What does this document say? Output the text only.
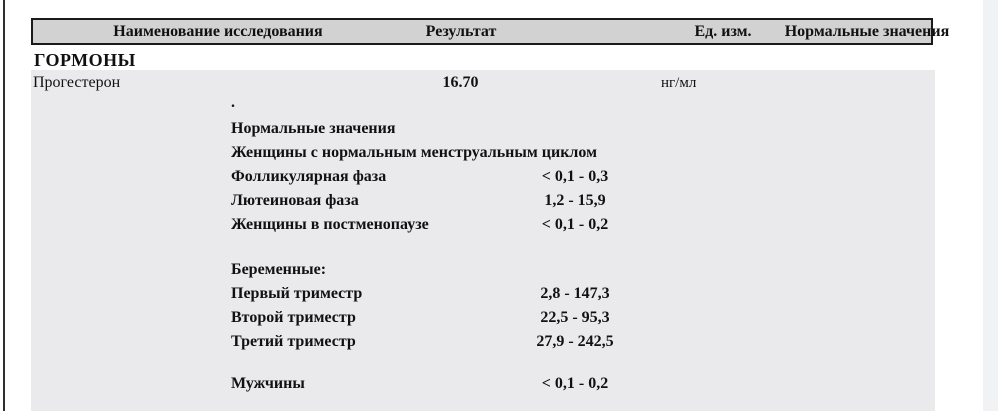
Наименование исследования	Результат	Ед. изм.	Нормальные значения
ГОРМОНЫ
Прогестерон	16.70	нг/мл
.
Нормальные значения
Женщины с нормальным менструальным циклом
Фолликулярная фаза	< 0,1 - 0,3
Лютеиновая фаза	1,2 - 15,9
Женщины в постменопаузе	< 0,1 - 0,2
Беременные:
Первый триместр	2,8 - 147,3
Второй триместр	22,5 - 95,3
Третий триместр	27,9 - 242,5
Мужчины	< 0,1 - 0,2
